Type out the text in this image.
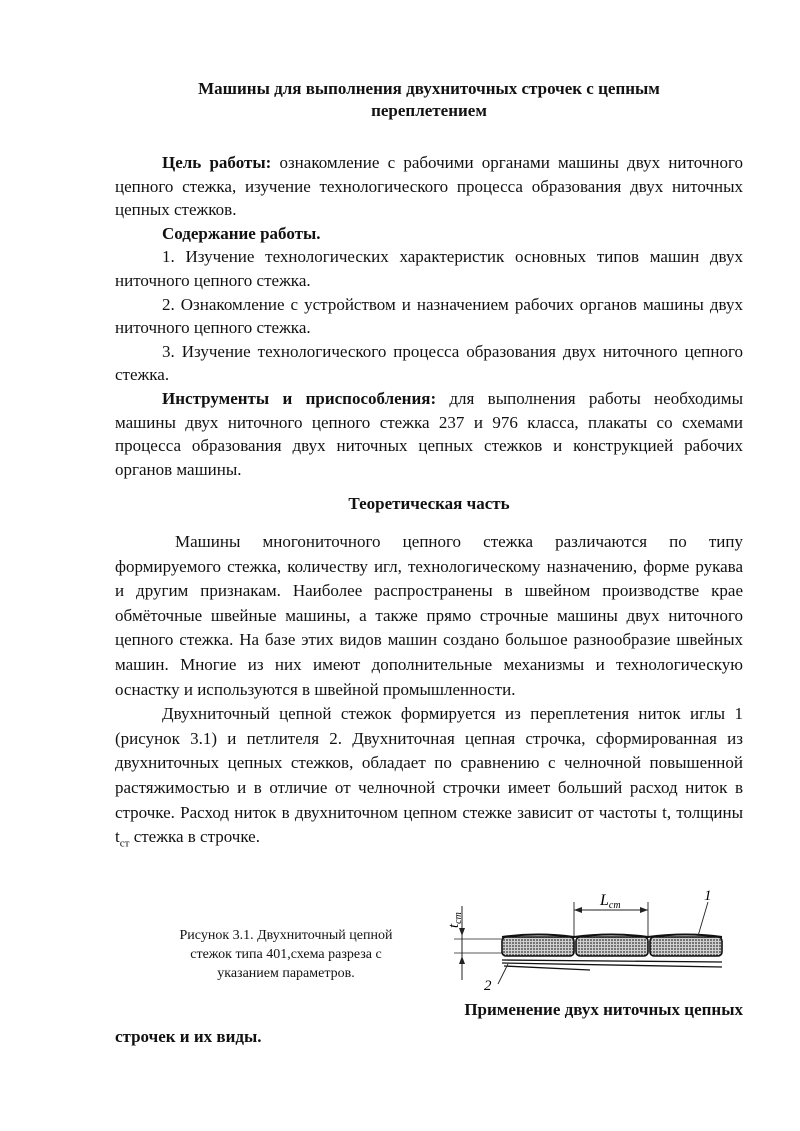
Машины для выполнения двухниточных строчек с цепным
переплетением

Цель работы: ознакомление с рабочими органами машины двух ниточного цепного стежка, изучение технологического процесса образования двух ниточных цепных стежков.

Содержание работы.

1. Изучение технологических характеристик основных типов машин двух ниточного цепного стежка.

2. Ознакомление с устройством и назначением рабочих органов машины двух ниточного цепного стежка.

3. Изучение технологического процесса образования двух ниточного цепного стежка.

Инструменты и приспособления: для выполнения работы необходимы машины двух ниточного цепного стежка 237 и 976 класса, плакаты со схемами процесса образования двух ниточных цепных стежков и конструкцией рабочих органов машины.

Теоретическая часть

Машины многониточного цепного стежка различаются по типу формируемого стежка, количеству игл, технологическому назначению, форме рукава и другим признакам. Наиболее распространены в швейном производстве крае обмёточные швейные машины, а также прямо строчные машины двух ниточного цепного стежка. На базе этих видов машин создано большое разнообразие швейных машин. Многие из них имеют дополнительные механизмы и технологическую оснастку и используются в швейной промышленности.

Двухниточный цепной стежок формируется из переплетения ниток иглы 1 (рисунок 3.1) и петлителя 2. Двухниточная цепная строчка, сформированная из двухниточных цепных стежков, обладает по сравнению с челночной повышенной растяжимостью и в отличие от челночной строчки имеет больший расход ниток в строчке. Расход ниток в двухниточном цепном стежке зависит от частоты t, толщины $t_{ст}$ стежка в строчке.

Рисунок 3.1. Двухниточный цепной стежок типа 401,схема разреза с указанием параметров.
$t_{ст}$
Lст
1
2
Применение двух ниточных цепных
строчек и их виды.
